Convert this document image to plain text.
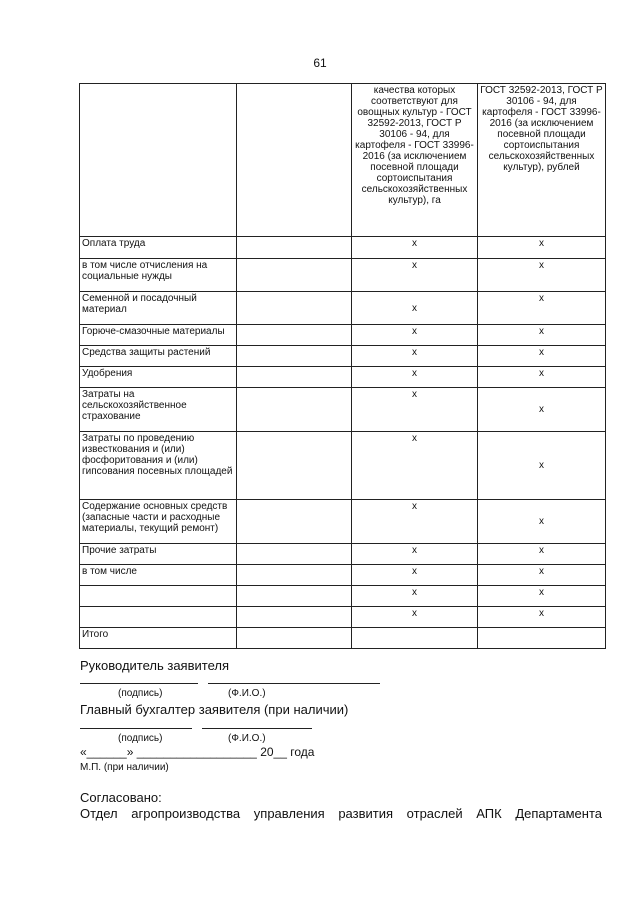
61
		качества которых соответствуют для овощных культур - ГОСТ 32592-2013, ГОСТ Р 30106 - 94, для картофеля - ГОСТ 33996-2016 (за исключением посевной площади сортоиспытания сельскохозяйственных культур), га	ГОСТ 32592-2013, ГОСТ Р 30106 - 94, для картофеля - ГОСТ 33996-2016 (за исключением посевной площади сортоиспытания сельскохозяйственных культур), рублей
Оплата труда		x	x
в том числе отчисления на социальные нужды		x	x
Семенной и посадочный материал		x	x
Горюче-смазочные материалы		x	x
Средства защиты растений		x	x
Удобрения		x	x
Затраты на сельскохозяйственное страхование		x	x
Затраты по проведению известкования и (или) фосфоритования и (или) гипсования посевных площадей		x	x
Содержание основных средств (запасные части и расходные материалы, текущий ремонт)		x	x
Прочие затраты		x	x
в том числе		x	x
		x	x
		x	x
Итого			
Руководитель заявителя
(подпись)	(Ф.И.О.)
Главный бухгалтер заявителя (при наличии)
(подпись)	(Ф.И.О.)
«______» __________________ 20__ года
М.П. (при наличии)
Согласовано:
Отдел агропроизводства управления развития отраслей АПК Департамента
